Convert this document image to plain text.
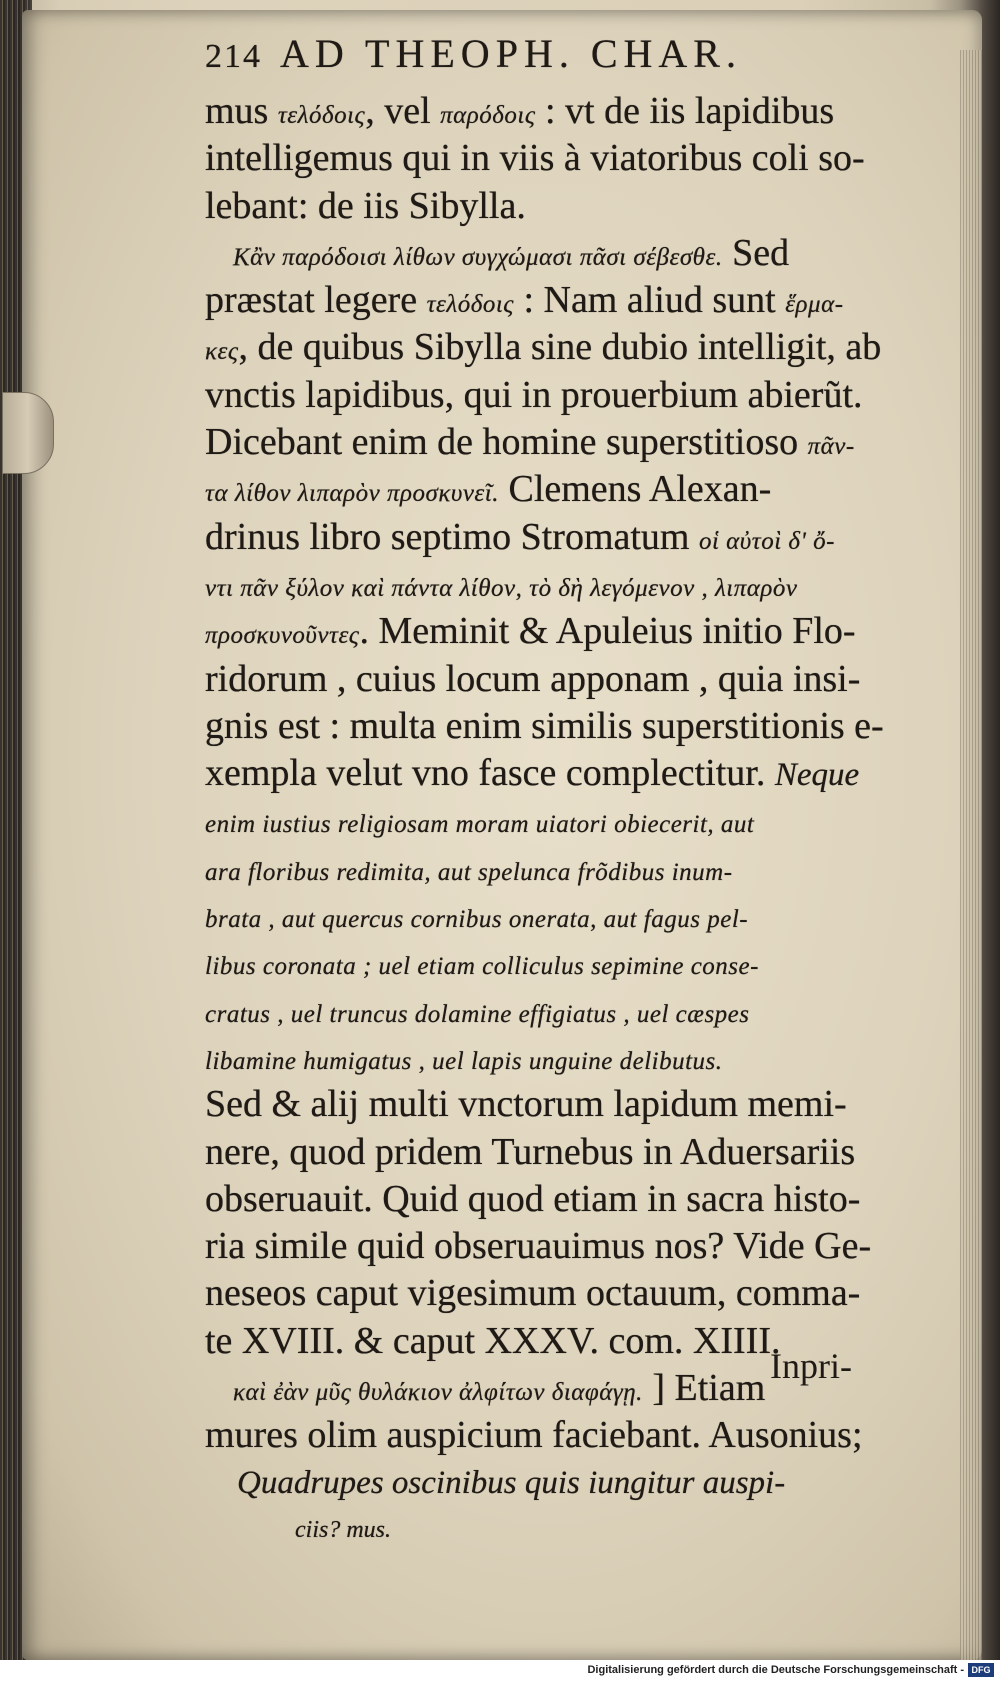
214 AD THEOPH. CHAR.
mus τελόδοις, vel παρόδοις : vt de iis lapidibus
intelligemus qui in viis à viatoribus coli so-
lebant: de iis Sibylla.
Κἂν παρόδοισι λίθων συγχώμασι πᾶσι σέβεσθε. Sed
præstat legere τελόδοις : Nam aliud sunt ἕρμα-
κες, de quibus Sibylla sine dubio intelligit, ab
vnctis lapidibus, qui in prouerbium abierũt.
Dicebant enim de homine superstitioso πᾶν-
τα λίθον λιπαρὸν προσκυνεῖ. Clemens Alexan-
drinus libro septimo Stromatum οἱ αὐτοὶ δ' ὄ-
ντι πᾶν ξύλον καὶ πάντα λίθον, τὸ δὴ λεγόμενον , λιπαρὸν
προσκυνοῦντες. Meminit & Apuleius initio Flo-
ridorum , cuius locum apponam , quia insi-
gnis est : multa enim similis superstitionis e-
xempla velut vno fasce complectitur. Neque
enim iustius religiosam moram uiatori obiecerit, aut
ara floribus redimita, aut spelunca frõdibus inum-
brata , aut quercus cornibus onerata, aut fagus pel-
libus coronata ; uel etiam colliculus sepimine conse-
cratus , uel truncus dolamine effigiatus , uel cæspes
libamine humigatus , uel lapis unguine delibutus.
Sed & alij multi vnctorum lapidum memi-
nere, quod pridem Turnebus in Aduersariis
obseruauit. Quid quod etiam in sacra histo-
ria simile quid obseruauimus nos? Vide Ge-
neseos caput vigesimum octauum, comma-
te XVIII. & caput XXXV. com. XIIII.
καὶ ἐὰν μῦς θυλάκιον ἀλφίτων διαφάγῃ. ] Etiam
mures olim auspicium faciebant. Ausonius;
Quadrupes oscinibus quis iungitur auspi-
ciis? mus.
Inpri-
Digitalisierung gefördert durch die Deutsche Forschungsgemeinschaft - DFG
